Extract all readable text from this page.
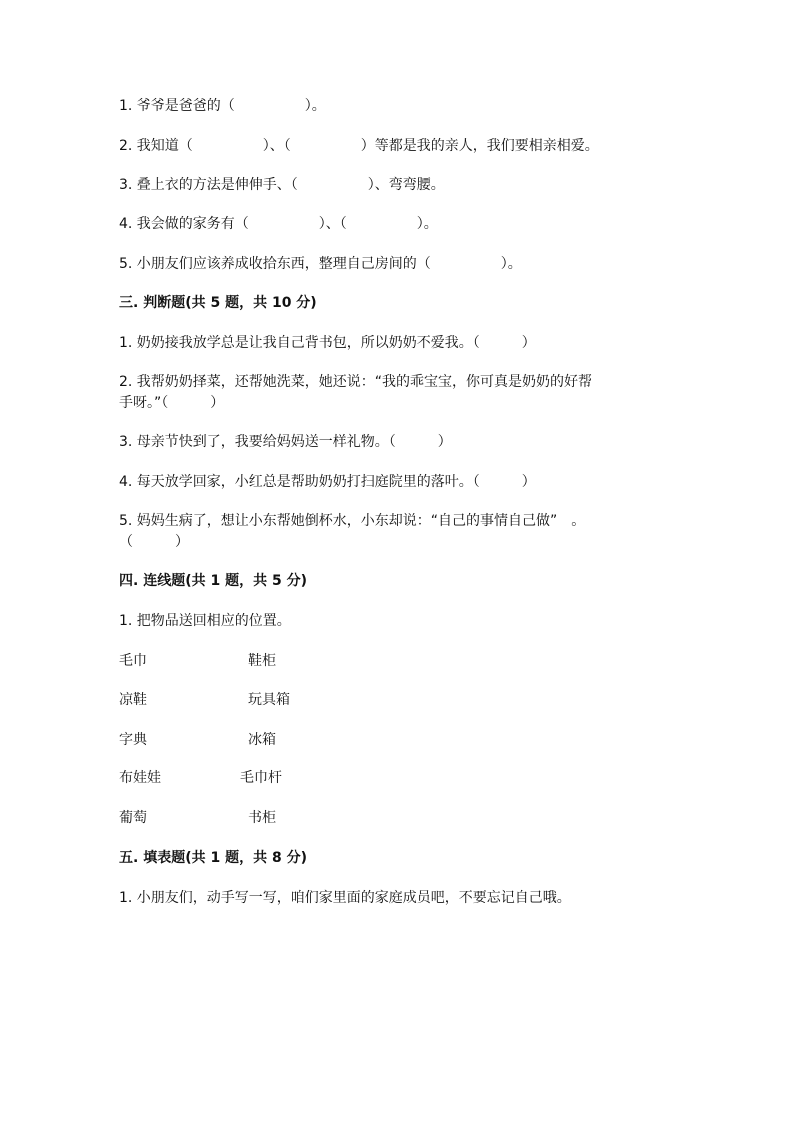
1. 爷爷是爸爸的（　　　　　）。

2. 我知道（　　　　　）、（　　　　　）等都是我的亲人，我们要相亲相爱。

3. 叠上衣的方法是伸伸手、（　　　　　）、弯弯腰。

4. 我会做的家务有（　　　　　）、（　　　　　）。

5. 小朋友们应该养成收拾东西，整理自己房间的（　　　　　）。

三. 判断题(共 5 题，共 10 分)

1. 奶奶接我放学总是让我自己背书包，所以奶奶不爱我。（　　　）

2. 我帮奶奶择菜，还帮她洗菜，她还说：“我的乖宝宝，你可真是奶奶的好帮

手呀。”（　　　）

3. 母亲节快到了，我要给妈妈送一样礼物。（　　　）

4. 每天放学回家，小红总是帮助奶奶打扫庭院里的落叶。（　　　）

5. 妈妈生病了，想让小东帮她倒杯水，小东却说：“自己的事情自己做”　。

（　　　）

四. 连线题(共 1 题，共 5 分)

1. 把物品送回相应的位置。

毛巾	鞋柜

凉鞋	玩具箱

字典	冰箱

布娃娃	毛巾杆

葡萄	书柜

五. 填表题(共 1 题，共 8 分)

1. 小朋友们，动手写一写，咱们家里面的家庭成员吧，不要忘记自己哦。
